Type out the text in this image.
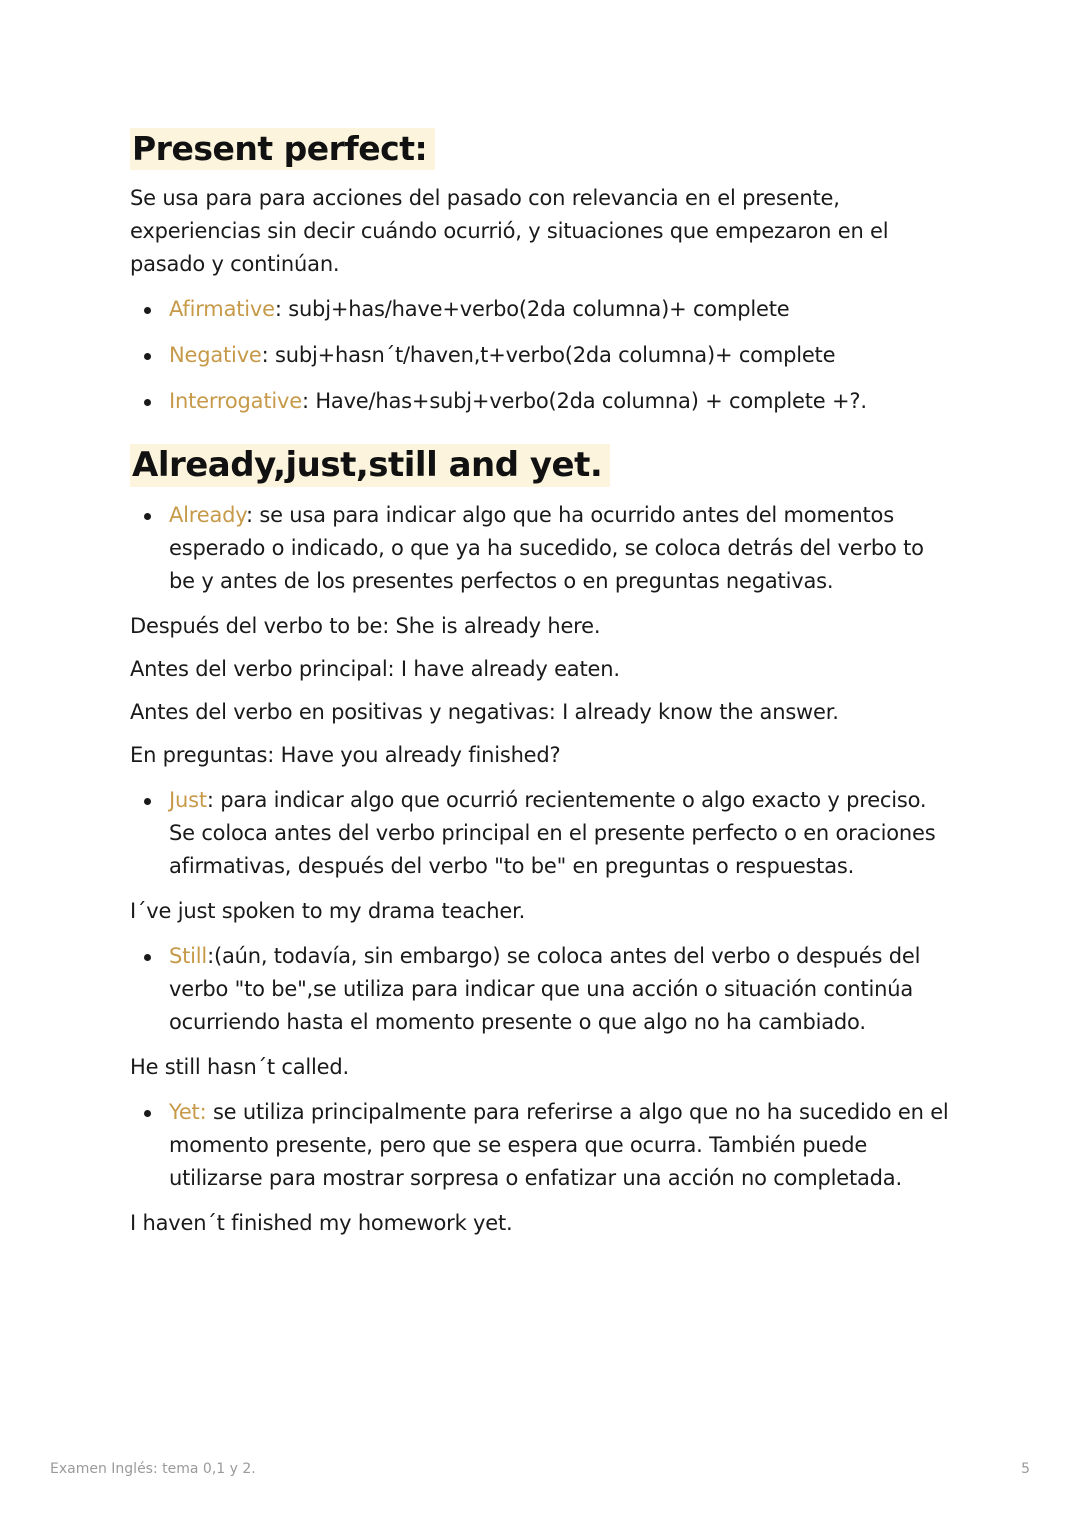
Present perfect:

Se usa para para acciones del pasado con relevancia en el presente, experiencias sin decir cuándo ocurrió, y situaciones que empezaron en el pasado y continúan.

Afirmative: subj+has/have+verbo(2da columna)+ complete
Negative: subj+hasn´t/haven,t+verbo(2da columna)+ complete
Interrogative: Have/has+subj+verbo(2da columna) + complete +?.
Already,just,still and yet.
Already: se usa para indicar algo que ha ocurrido antes del momentos esperado o indicado, o que ya ha sucedido, se coloca detrás del verbo to be y antes de los presentes perfectos o en preguntas negativas.

Después del verbo to be: She is already here.

Antes del verbo principal: I have already eaten.

Antes del verbo en positivas y negativas: I already know the answer.

En preguntas: Have you already finished?

Just: para indicar algo que ocurrió recientemente o algo exacto y preciso. Se coloca antes del verbo principal en el presente perfecto o en oraciones afirmativas, después del verbo "to be" en preguntas o respuestas.

I´ve just spoken to my drama teacher.

Still:(aún, todavía, sin embargo) se coloca antes del verbo o después del verbo "to be",se utiliza para indicar que una acción o situación continúa ocurriendo hasta el momento presente o que algo no ha cambiado.

He still hasn´t called.

Yet: se utiliza principalmente para referirse a algo que no ha sucedido en el momento presente, pero que se espera que ocurra. También puede utilizarse para mostrar sorpresa o enfatizar una acción no completada.

I haven´t finished my homework yet.

Examen Inglés: tema 0,1 y 2.	5
